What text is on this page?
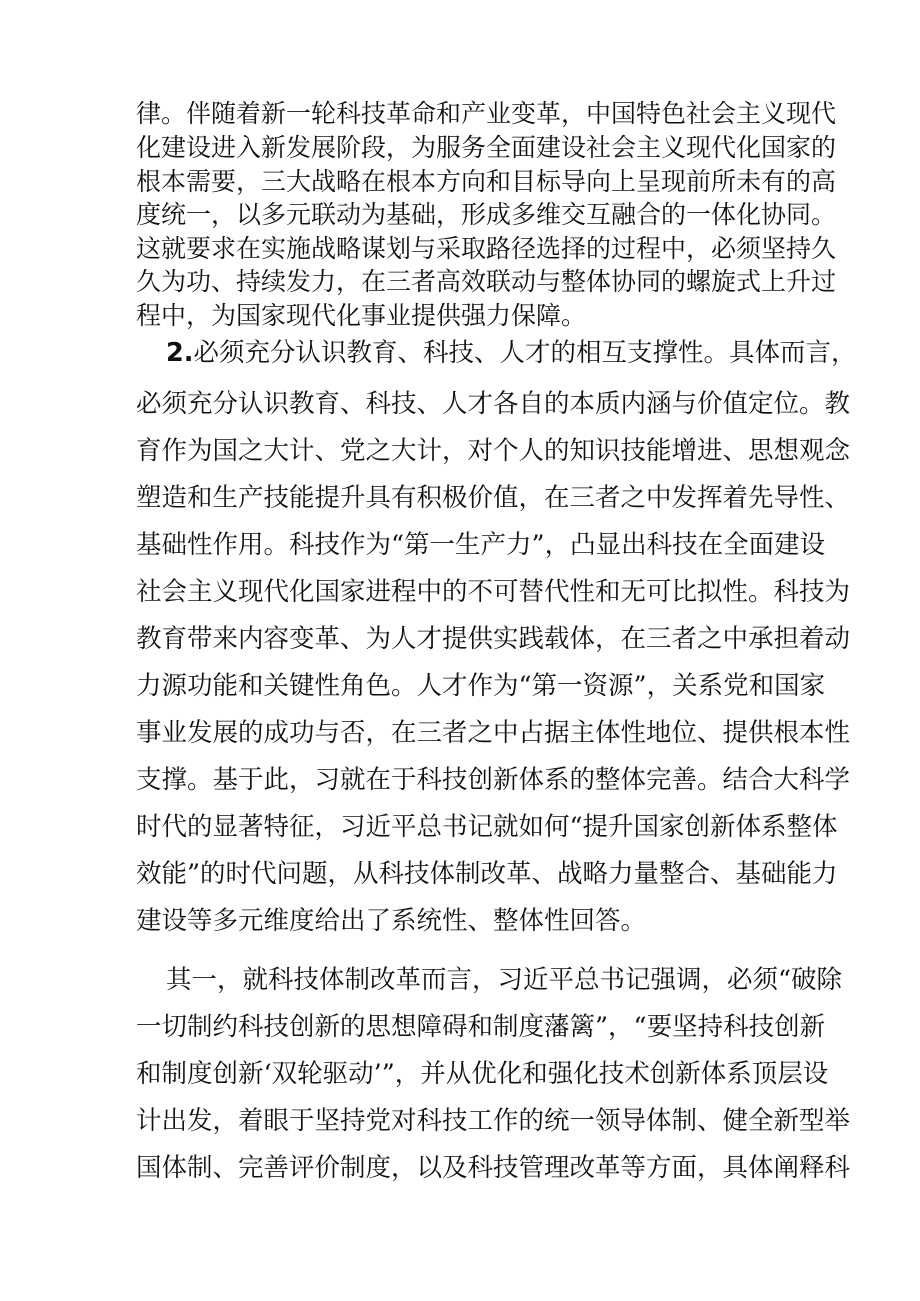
律。伴随着新一轮科技革命和产业变革，中国特色社会主义现代
化建设进入新发展阶段，为服务全面建设社会主义现代化国家的
根本需要，三大战略在根本方向和目标导向上呈现前所未有的高
度统一，以多元联动为基础，形成多维交互融合的一体化协同。
这就要求在实施战略谋划与采取路径选择的过程中，必须坚持久
久为功、持续发力，在三者高效联动与整体协同的螺旋式上升过
程中，为国家现代化事业提供强力保障。
2.必须充分认识教育、科技、人才的相互支撑性。具体而言，
必须充分认识教育、科技、人才各自的本质内涵与价值定位。教
育作为国之大计、党之大计，对个人的知识技能增进、思想观念
塑造和生产技能提升具有积极价值，在三者之中发挥着先导性、
基础性作用。科技作为“第一生产力”，凸显出科技在全面建设
社会主义现代化国家进程中的不可替代性和无可比拟性。科技为
教育带来内容变革、为人才提供实践载体，在三者之中承担着动
力源功能和关键性角色。人才作为“第一资源”，关系党和国家
事业发展的成功与否，在三者之中占据主体性地位、提供根本性
支撑。基于此，习就在于科技创新体系的整体完善。结合大科学
时代的显著特征，习近平总书记就如何“提升国家创新体系整体
效能”的时代问题，从科技体制改革、战略力量整合、基础能力
建设等多元维度给出了系统性、整体性回答。
其一，就科技体制改革而言，习近平总书记强调，必须“破除
一切制约科技创新的思想障碍和制度藩篱”，“要坚持科技创新
和制度创新‘双轮驱动’”，并从优化和强化技术创新体系顶层设
计出发，着眼于坚持党对科技工作的统一领导体制、健全新型举
国体制、完善评价制度，以及科技管理改革等方面，具体阐释科
